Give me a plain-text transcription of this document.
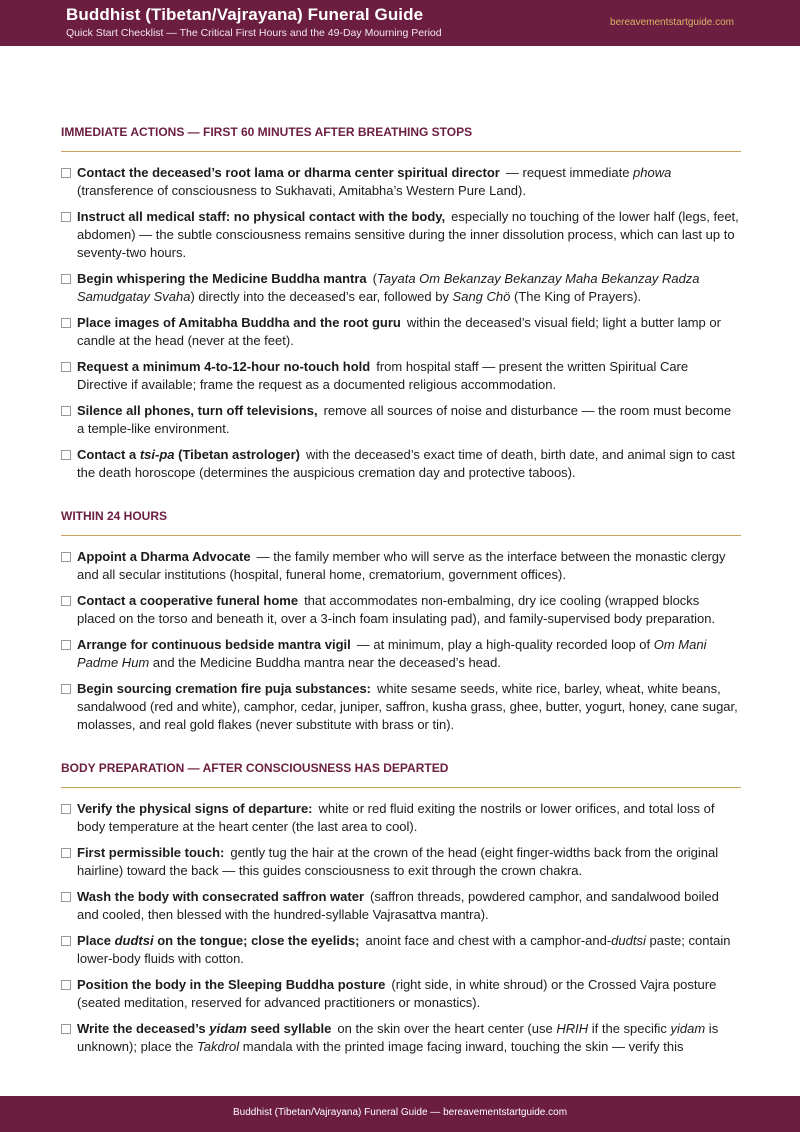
Buddhist (Tibetan/Vajrayana) Funeral Guide
Quick Start Checklist — The Critical First Hours and the 49-Day Mourning Period
bereavementstartguide.com
IMMEDIATE ACTIONS — FIRST 60 MINUTES AFTER BREATHING STOPS
Contact the deceased’s root lama or dharma center spiritual director — request immediate phowa (transference of consciousness to Sukhavati, Amitabha’s Western Pure Land).
Instruct all medical staff: no physical contact with the body, especially no touching of the lower half (legs, feet, abdomen) — the subtle consciousness remains sensitive during the inner dissolution process, which can last up to seventy-two hours.
Begin whispering the Medicine Buddha mantra (Tayata Om Bekanzay Bekanzay Maha Bekanzay Radza Samudgatay Svaha) directly into the deceased’s ear, followed by Sang Chö (The King of Prayers).
Place images of Amitabha Buddha and the root guru within the deceased’s visual field; light a butter lamp or candle at the head (never at the feet).
Request a minimum 4-to-12-hour no-touch hold from hospital staff — present the written Spiritual Care Directive if available; frame the request as a documented religious accommodation.
Silence all phones, turn off televisions, remove all sources of noise and disturbance — the room must become a temple-like environment.
Contact a tsi-pa (Tibetan astrologer) with the deceased’s exact time of death, birth date, and animal sign to cast the death horoscope (determines the auspicious cremation day and protective taboos).
WITHIN 24 HOURS
Appoint a Dharma Advocate — the family member who will serve as the interface between the monastic clergy and all secular institutions (hospital, funeral home, crematorium, government offices).
Contact a cooperative funeral home that accommodates non-embalming, dry ice cooling (wrapped blocks placed on the torso and beneath it, over a 3-inch foam insulating pad), and family-supervised body preparation.
Arrange for continuous bedside mantra vigil — at minimum, play a high-quality recorded loop of Om Mani Padme Hum and the Medicine Buddha mantra near the deceased’s head.
Begin sourcing cremation fire puja substances: white sesame seeds, white rice, barley, wheat, white beans, sandalwood (red and white), camphor, cedar, juniper, saffron, kusha grass, ghee, butter, yogurt, honey, cane sugar, molasses, and real gold flakes (never substitute with brass or tin).
BODY PREPARATION — AFTER CONSCIOUSNESS HAS DEPARTED
Verify the physical signs of departure: white or red fluid exiting the nostrils or lower orifices, and total loss of body temperature at the heart center (the last area to cool).
First permissible touch: gently tug the hair at the crown of the head (eight finger-widths back from the original hairline) toward the back — this guides consciousness to exit through the crown chakra.
Wash the body with consecrated saffron water (saffron threads, powdered camphor, and sandalwood boiled and cooled, then blessed with the hundred-syllable Vajrasattva mantra).
Place dudtsi on the tongue; close the eyelids; anoint face and chest with a camphor-and-dudtsi paste; contain lower-body fluids with cotton.
Position the body in the Sleeping Buddha posture (right side, in white shroud) or the Crossed Vajra posture (seated meditation, reserved for advanced practitioners or monastics).
Write the deceased’s yidam seed syllable on the skin over the heart center (use HRIH if the specific yidam is unknown); place the Takdrol mandala with the printed image facing inward, touching the skin — verify this
Buddhist (Tibetan/Vajrayana) Funeral Guide — bereavementstartguide.com
